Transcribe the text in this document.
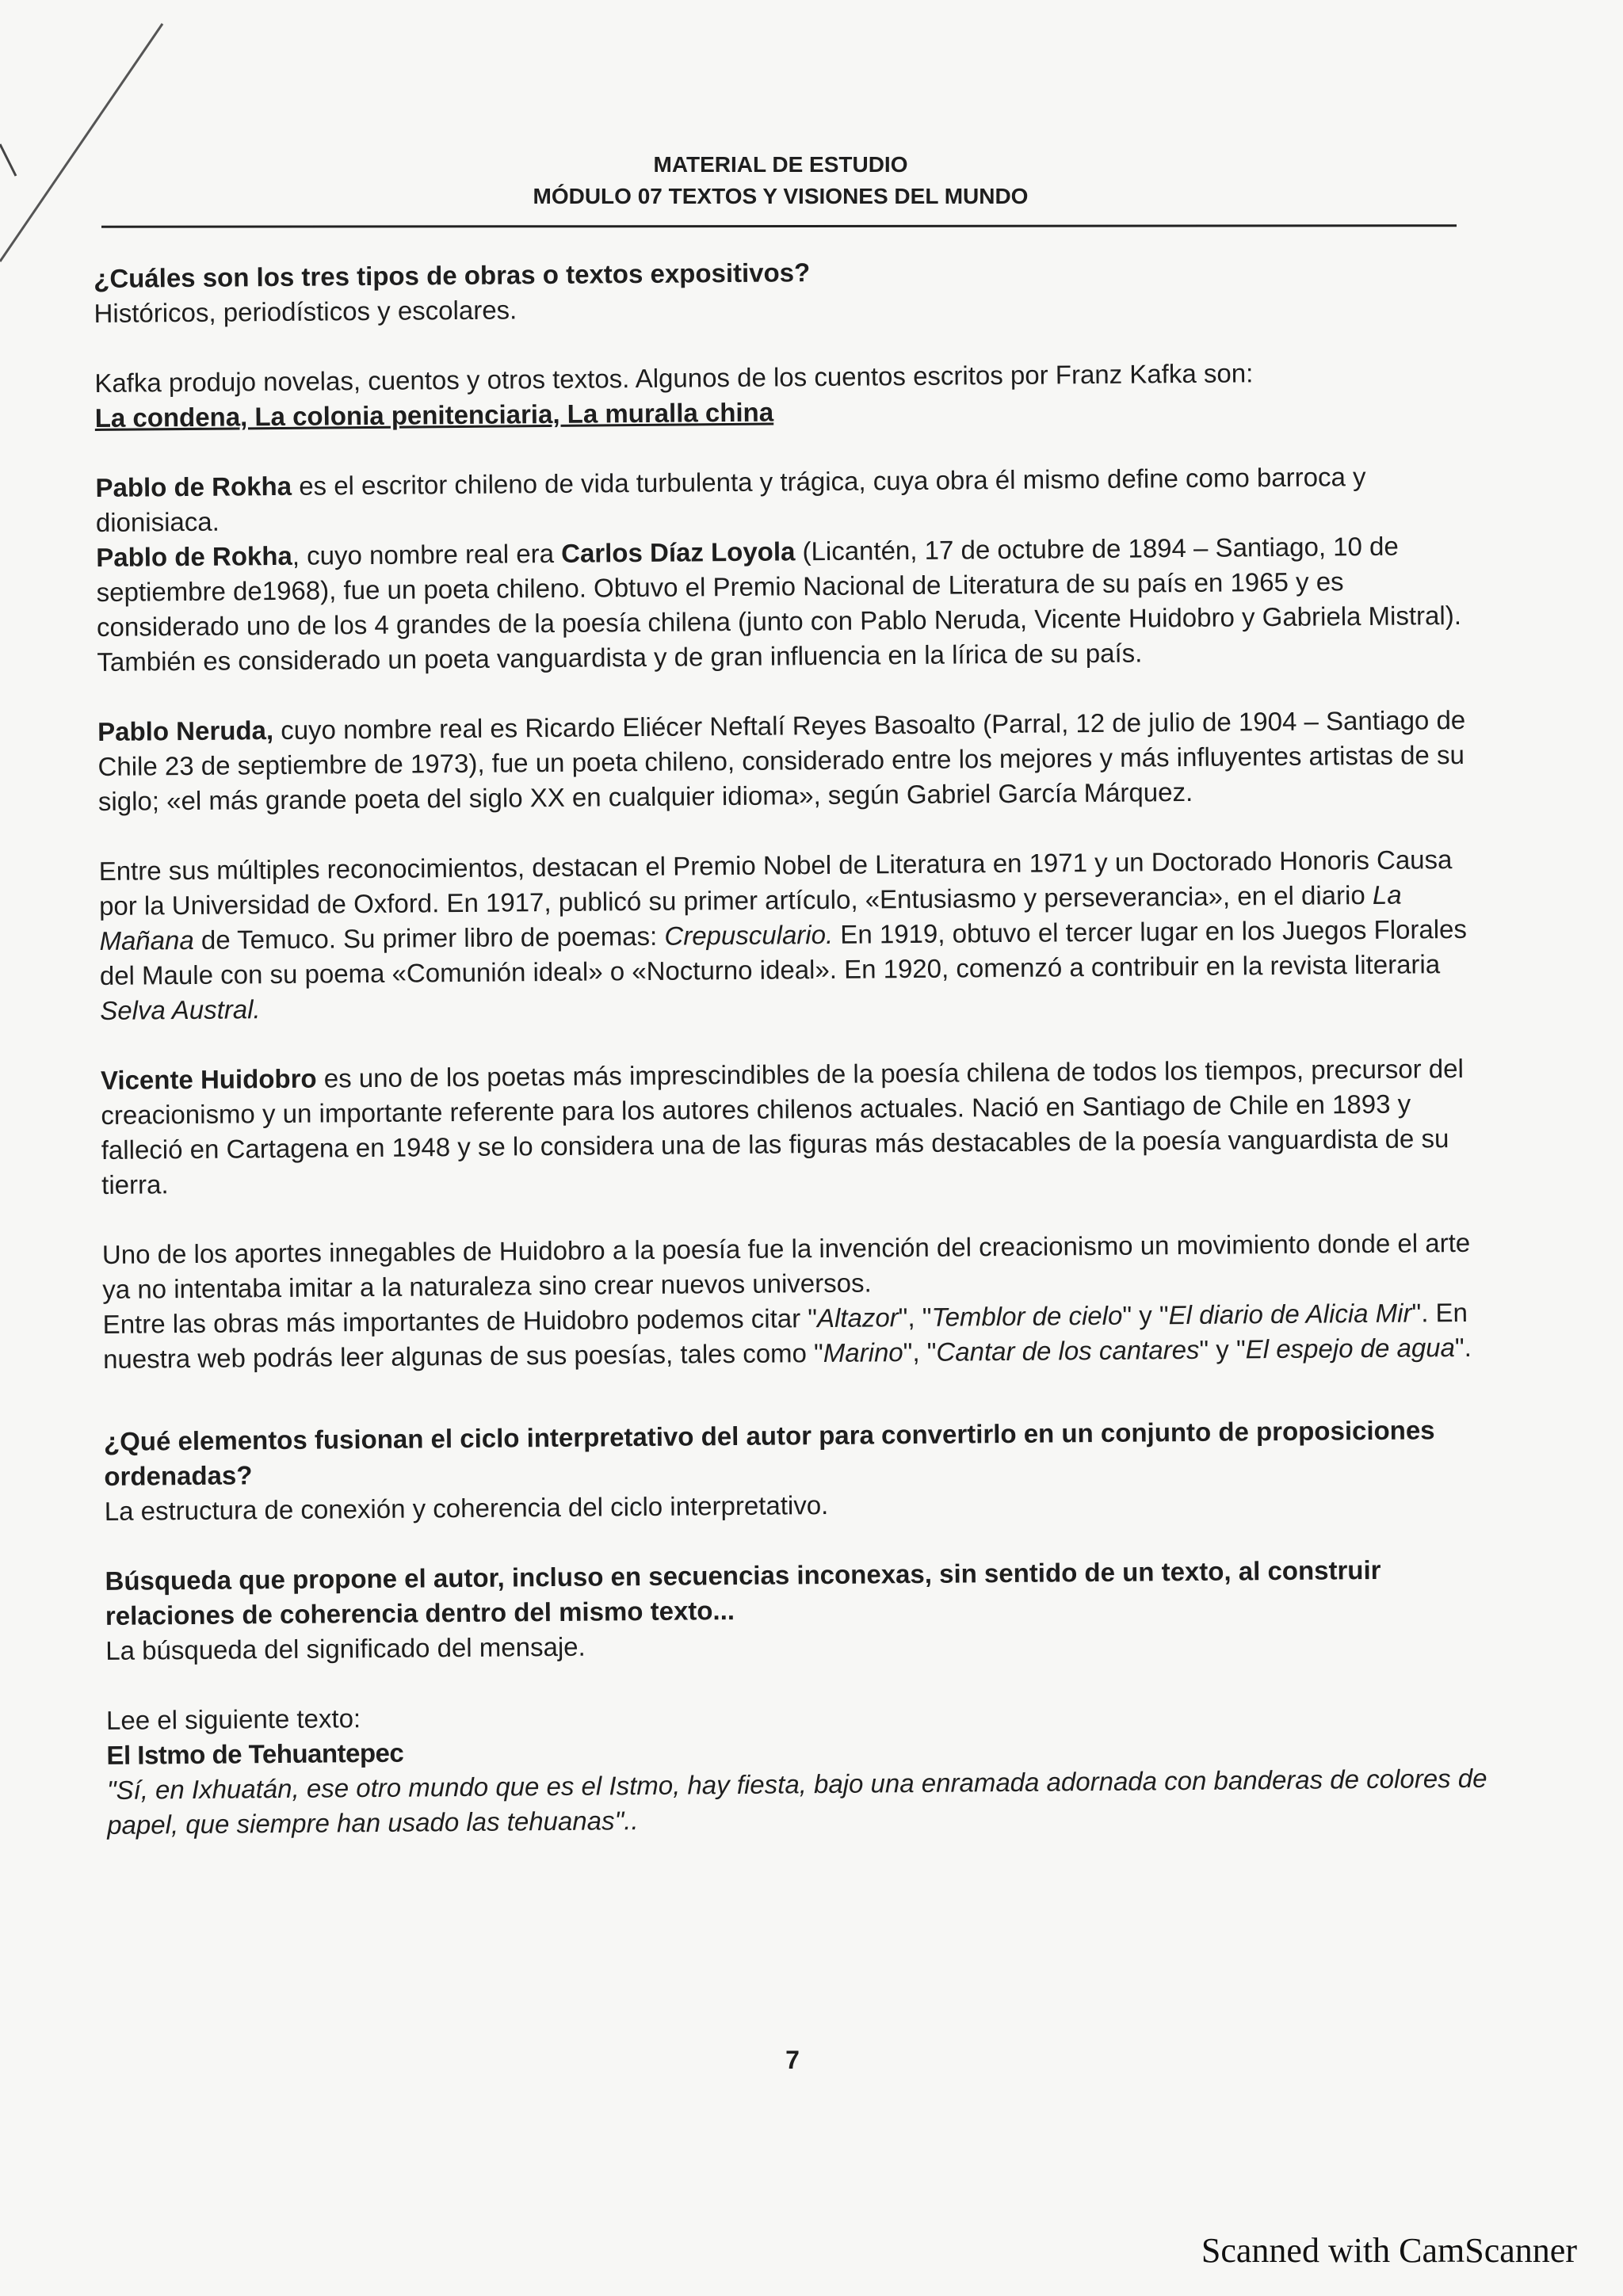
MATERIAL DE ESTUDIO
MÓDULO 07 TEXTOS Y VISIONES DEL MUNDO

¿Cuáles son los tres tipos de obras o textos expositivos?

Históricos, periodísticos y escolares.

Kafka produjo novelas, cuentos y otros textos. Algunos de los cuentos escritos por Franz Kafka son:
La condena, La colonia penitenciaria, La muralla china

Pablo de Rokha es el escritor chileno de vida turbulenta y trágica, cuya obra él mismo define como barroca y dionisiaca.

Pablo de Rokha, cuyo nombre real era Carlos Díaz Loyola (Licantén, 17 de octubre de 1894 – Santiago, 10 de septiembre de1968), fue un poeta chileno. Obtuvo el Premio Nacional de Literatura de su país en 1965 y es considerado uno de los 4 grandes de la poesía chilena (junto con Pablo Neruda, Vicente Huidobro y Gabriela Mistral). También es considerado un poeta vanguardista y de gran influencia en la lírica de su país.

Pablo Neruda, cuyo nombre real es Ricardo Eliécer Neftalí Reyes Basoalto (Parral, 12 de julio de 1904 – Santiago de Chile 23 de septiembre de 1973), fue un poeta chileno, considerado entre los mejores y más influyentes artistas de su siglo; «el más grande poeta del siglo XX en cualquier idioma», según Gabriel García Márquez.

Entre sus múltiples reconocimientos, destacan el Premio Nobel de Literatura en 1971 y un Doctorado Honoris Causa por la Universidad de Oxford. En 1917, publicó su primer artículo, «Entusiasmo y perseverancia», en el diario La Mañana de Temuco. Su primer libro de poemas: Crepusculario. En 1919, obtuvo el tercer lugar en los Juegos Florales del Maule con su poema «Comunión ideal» o «Nocturno ideal». En 1920, comenzó a contribuir en la revista literaria Selva Austral.

Vicente Huidobro es uno de los poetas más imprescindibles de la poesía chilena de todos los tiempos, precursor del creacionismo y un importante referente para los autores chilenos actuales. Nació en Santiago de Chile en 1893 y falleció en Cartagena en 1948 y se lo considera una de las figuras más destacables de la poesía vanguardista de su tierra.

Uno de los aportes innegables de Huidobro a la poesía fue la invención del creacionismo un movimiento donde el arte ya no intentaba imitar a la naturaleza sino crear nuevos universos.
Entre las obras más importantes de Huidobro podemos citar "Altazor", "Temblor de cielo" y "El diario de Alicia Mir". En nuestra web podrás leer algunas de sus poesías, tales como "Marino", "Cantar de los cantares" y "El espejo de agua".

¿Qué elementos fusionan el ciclo interpretativo del autor para convertirlo en un conjunto de proposiciones ordenadas?

La estructura de conexión y coherencia del ciclo interpretativo.

Búsqueda que propone el autor, incluso en secuencias inconexas, sin sentido de un texto, al construir relaciones de coherencia dentro del mismo texto...

La búsqueda del significado del mensaje.

Lee el siguiente texto:

El Istmo de Tehuantepec

"Sí, en Ixhuatán, ese otro mundo que es el Istmo, hay fiesta, bajo una enramada adornada con banderas de colores de papel, que siempre han usado las tehuanas"..

7
Scanned with CamScanner
